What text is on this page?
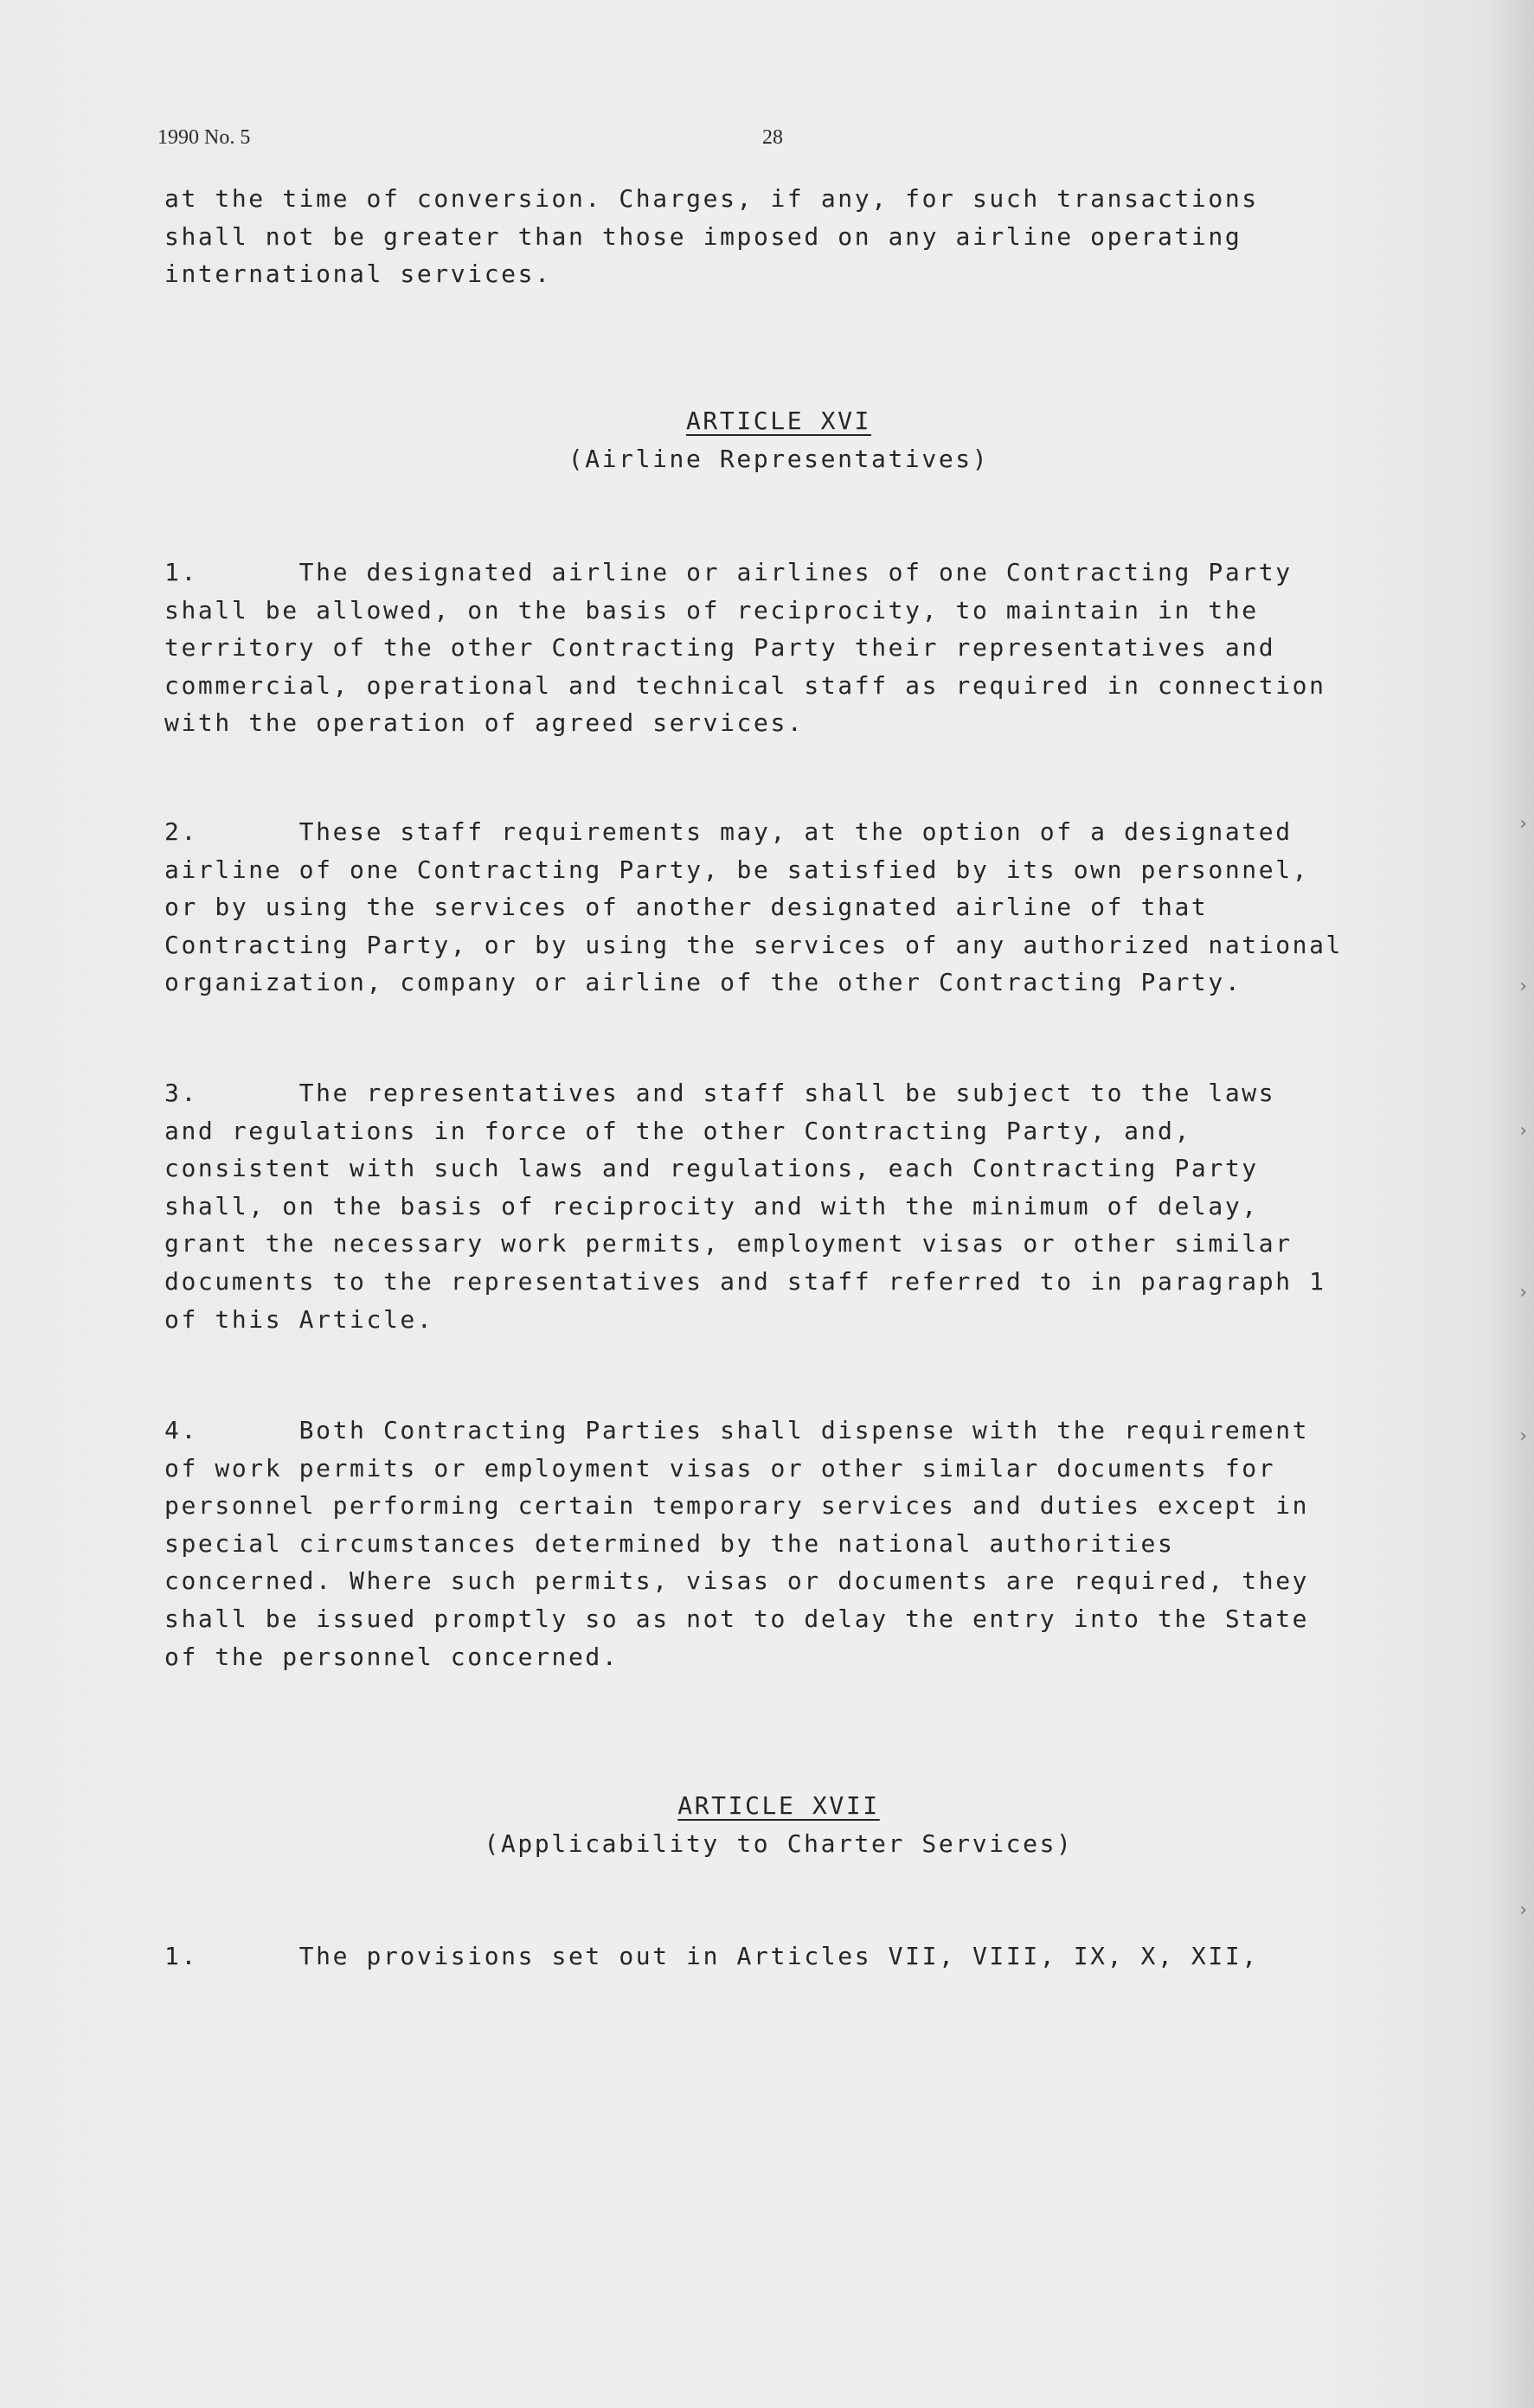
1990 No. 5	28
at the time of conversion. Charges, if any, for such transactions
shall not be greater than those imposed on any airline operating
international services.
ARTICLE XVI
(Airline Representatives)
1.      The designated airline or airlines of one Contracting Party
shall be allowed, on the basis of reciprocity, to maintain in the
territory of the other Contracting Party their representatives and
commercial, operational and technical staff as required in connection
with the operation of agreed services.
2.      These staff requirements may, at the option of a designated
airline of one Contracting Party, be satisfied by its own personnel,
or by using the services of another designated airline of that
Contracting Party, or by using the services of any authorized national
organization, company or airline of the other Contracting Party.
3.      The representatives and staff shall be subject to the laws
and regulations in force of the other Contracting Party, and,
consistent with such laws and regulations, each Contracting Party
shall, on the basis of reciprocity and with the minimum of delay,
grant the necessary work permits, employment visas or other similar
documents to the representatives and staff referred to in paragraph 1
of this Article.
4.      Both Contracting Parties shall dispense with the requirement
of work permits or employment visas or other similar documents for
personnel performing certain temporary services and duties except in
special circumstances determined by the national authorities
concerned. Where such permits, visas or documents are required, they
shall be issued promptly so as not to delay the entry into the State
of the personnel concerned.
ARTICLE XVII
(Applicability to Charter Services)
1.      The provisions set out in Articles VII, VIII, IX, X, XII,
›
›
›
›
›
›
